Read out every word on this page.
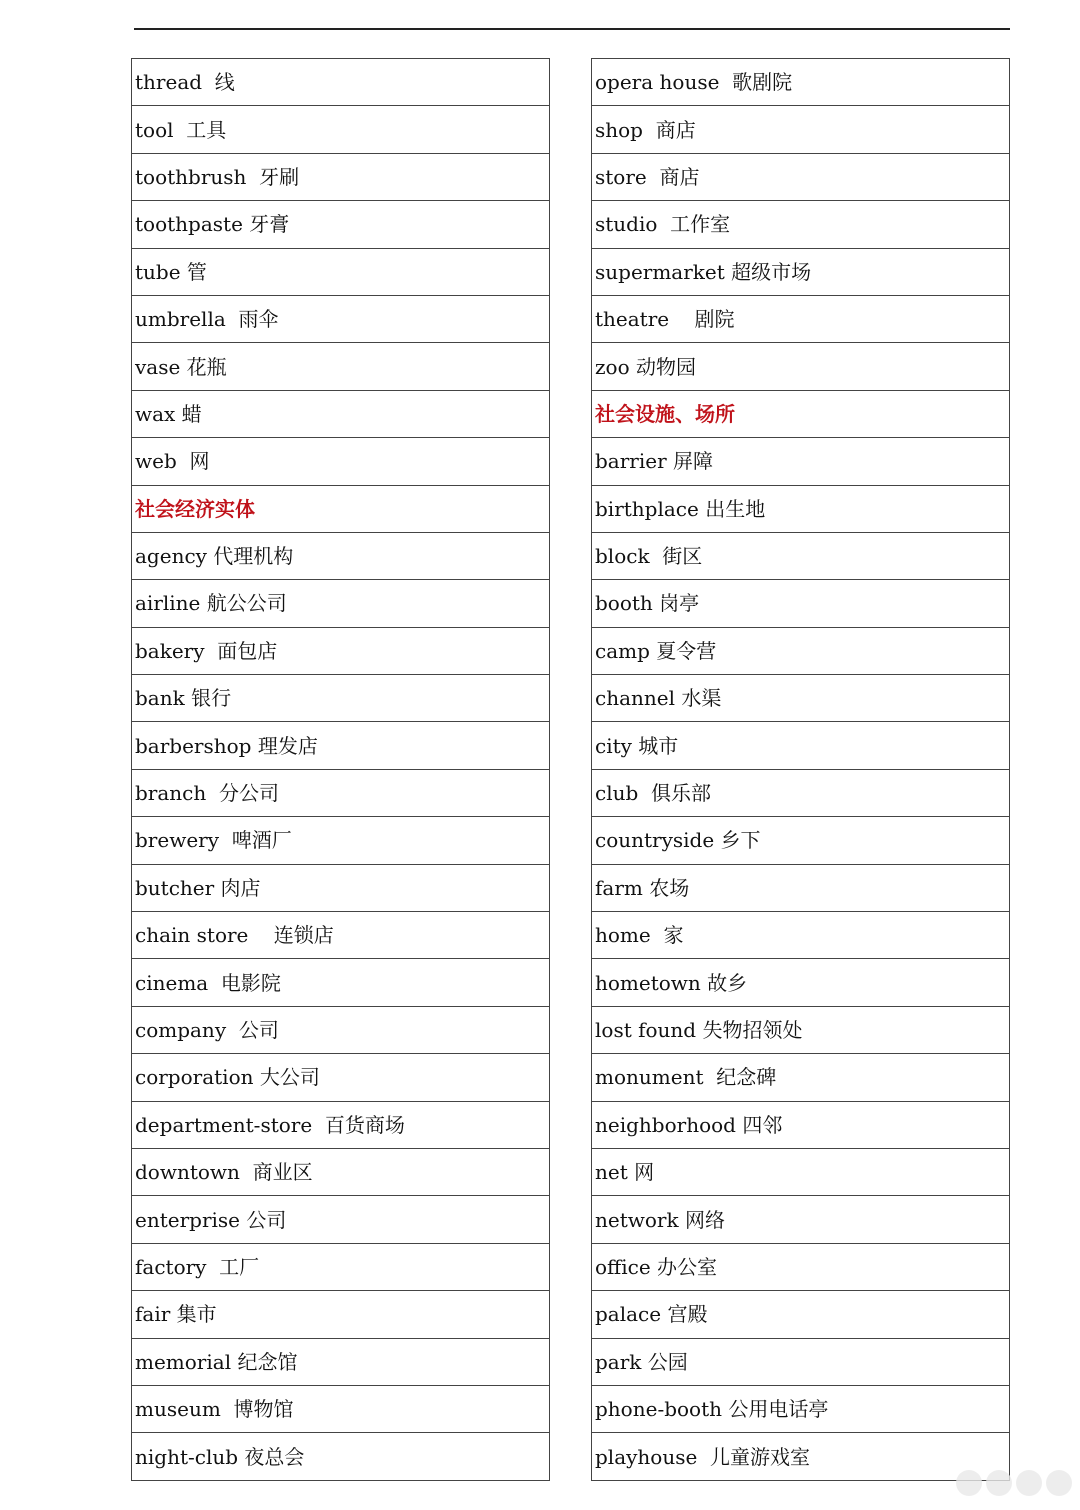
thread  线
tool  工具
toothbrush  牙刷
toothpaste 牙膏
tube 管
umbrella  雨伞
vase 花瓶
wax 蜡
web  网
社会经济实体
agency 代理机构
airline 航公公司
bakery  面包店
bank 银行
barbershop 理发店
branch  分公司
brewery  啤酒厂
butcher 肉店
chain store    连锁店
cinema  电影院
company  公司
corporation 大公司
department-store  百货商场
downtown  商业区
enterprise 公司
factory  工厂
fair 集市
memorial 纪念馆
museum  博物馆
night-club 夜总会
opera house  歌剧院
shop  商店
store  商店
studio  工作室
supermarket 超级市场
theatre    剧院
zoo 动物园
社会设施、场所
barrier 屏障
birthplace 出生地
block  街区
booth 岗亭
camp 夏令营
channel 水渠
city 城市
club  俱乐部
countryside 乡下
farm 农场
home  家
hometown 故乡
lost found 失物招领处
monument  纪念碑
neighborhood 四邻
net 网
network 网络
office 办公室
palace 宫殿
park 公园
phone-booth 公用电话亭
playhouse  儿童游戏室
